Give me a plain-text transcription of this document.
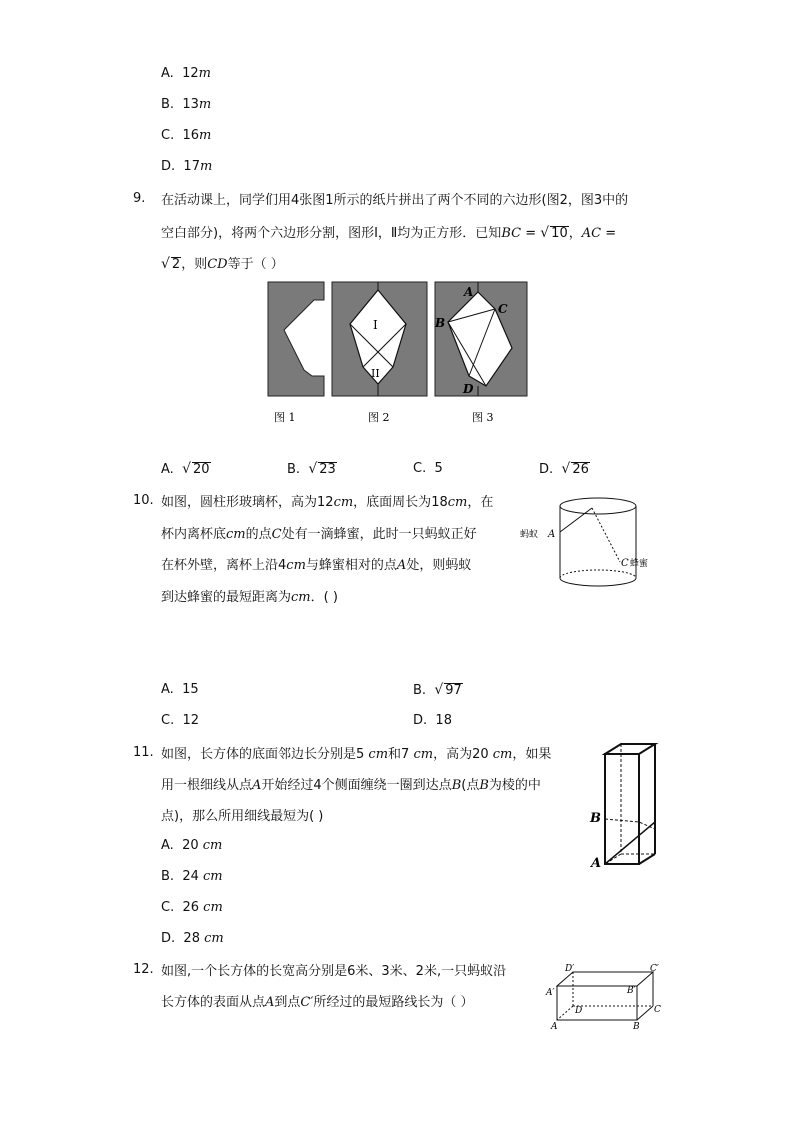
A. 12m
B. 13m
C. 16m
D. 17m
9. 在活动课上，同学们用4张图1所示的纸片拼出了两个不同的六边形(图2，图3中的
空白部分)，将两个六边形分割，图形Ⅰ，Ⅱ均为正方形．已知BC = √ 10，AC =
√ 2，则CD等于（ ）
I
II
A
B
C
D
图 1	图 2	图 3
A. √ 20	B. √ 23	C. 5	D. √ 26
10. 如图，圆柱形玻璃杯，高为12cm，底面周长为18cm，在
杯内离杯底cm的点C处有一滴蜂蜜，此时一只蚂蚁正好
在杯外壁，离杯上沿4cm与蜂蜜相对的点A处，则蚂蚁
到达蜂蜜的最短距离为cm．( )
蚂蚁 A
C 蜂蜜
A. 15	B. √ 97
C. 12	D. 18
11. 如图，长方体的底面邻边长分别是5 cm和7 cm，高为20 cm，如果
用一根细线从点A开始经过4个侧面缠绕一圈到达点B(点B为棱的中
点)，那么所用细线最短为( )
A. 20 cm
B. 24 cm
C. 26 cm
D. 28 cm
B
A
12. 如图,一个长方体的长宽高分别是6米、3米、2米,一只蚂蚁沿
长方体的表面从点A到点C′所经过的最短路线长为（ ）
D′	C′
A′	B′
D	C
A	B
